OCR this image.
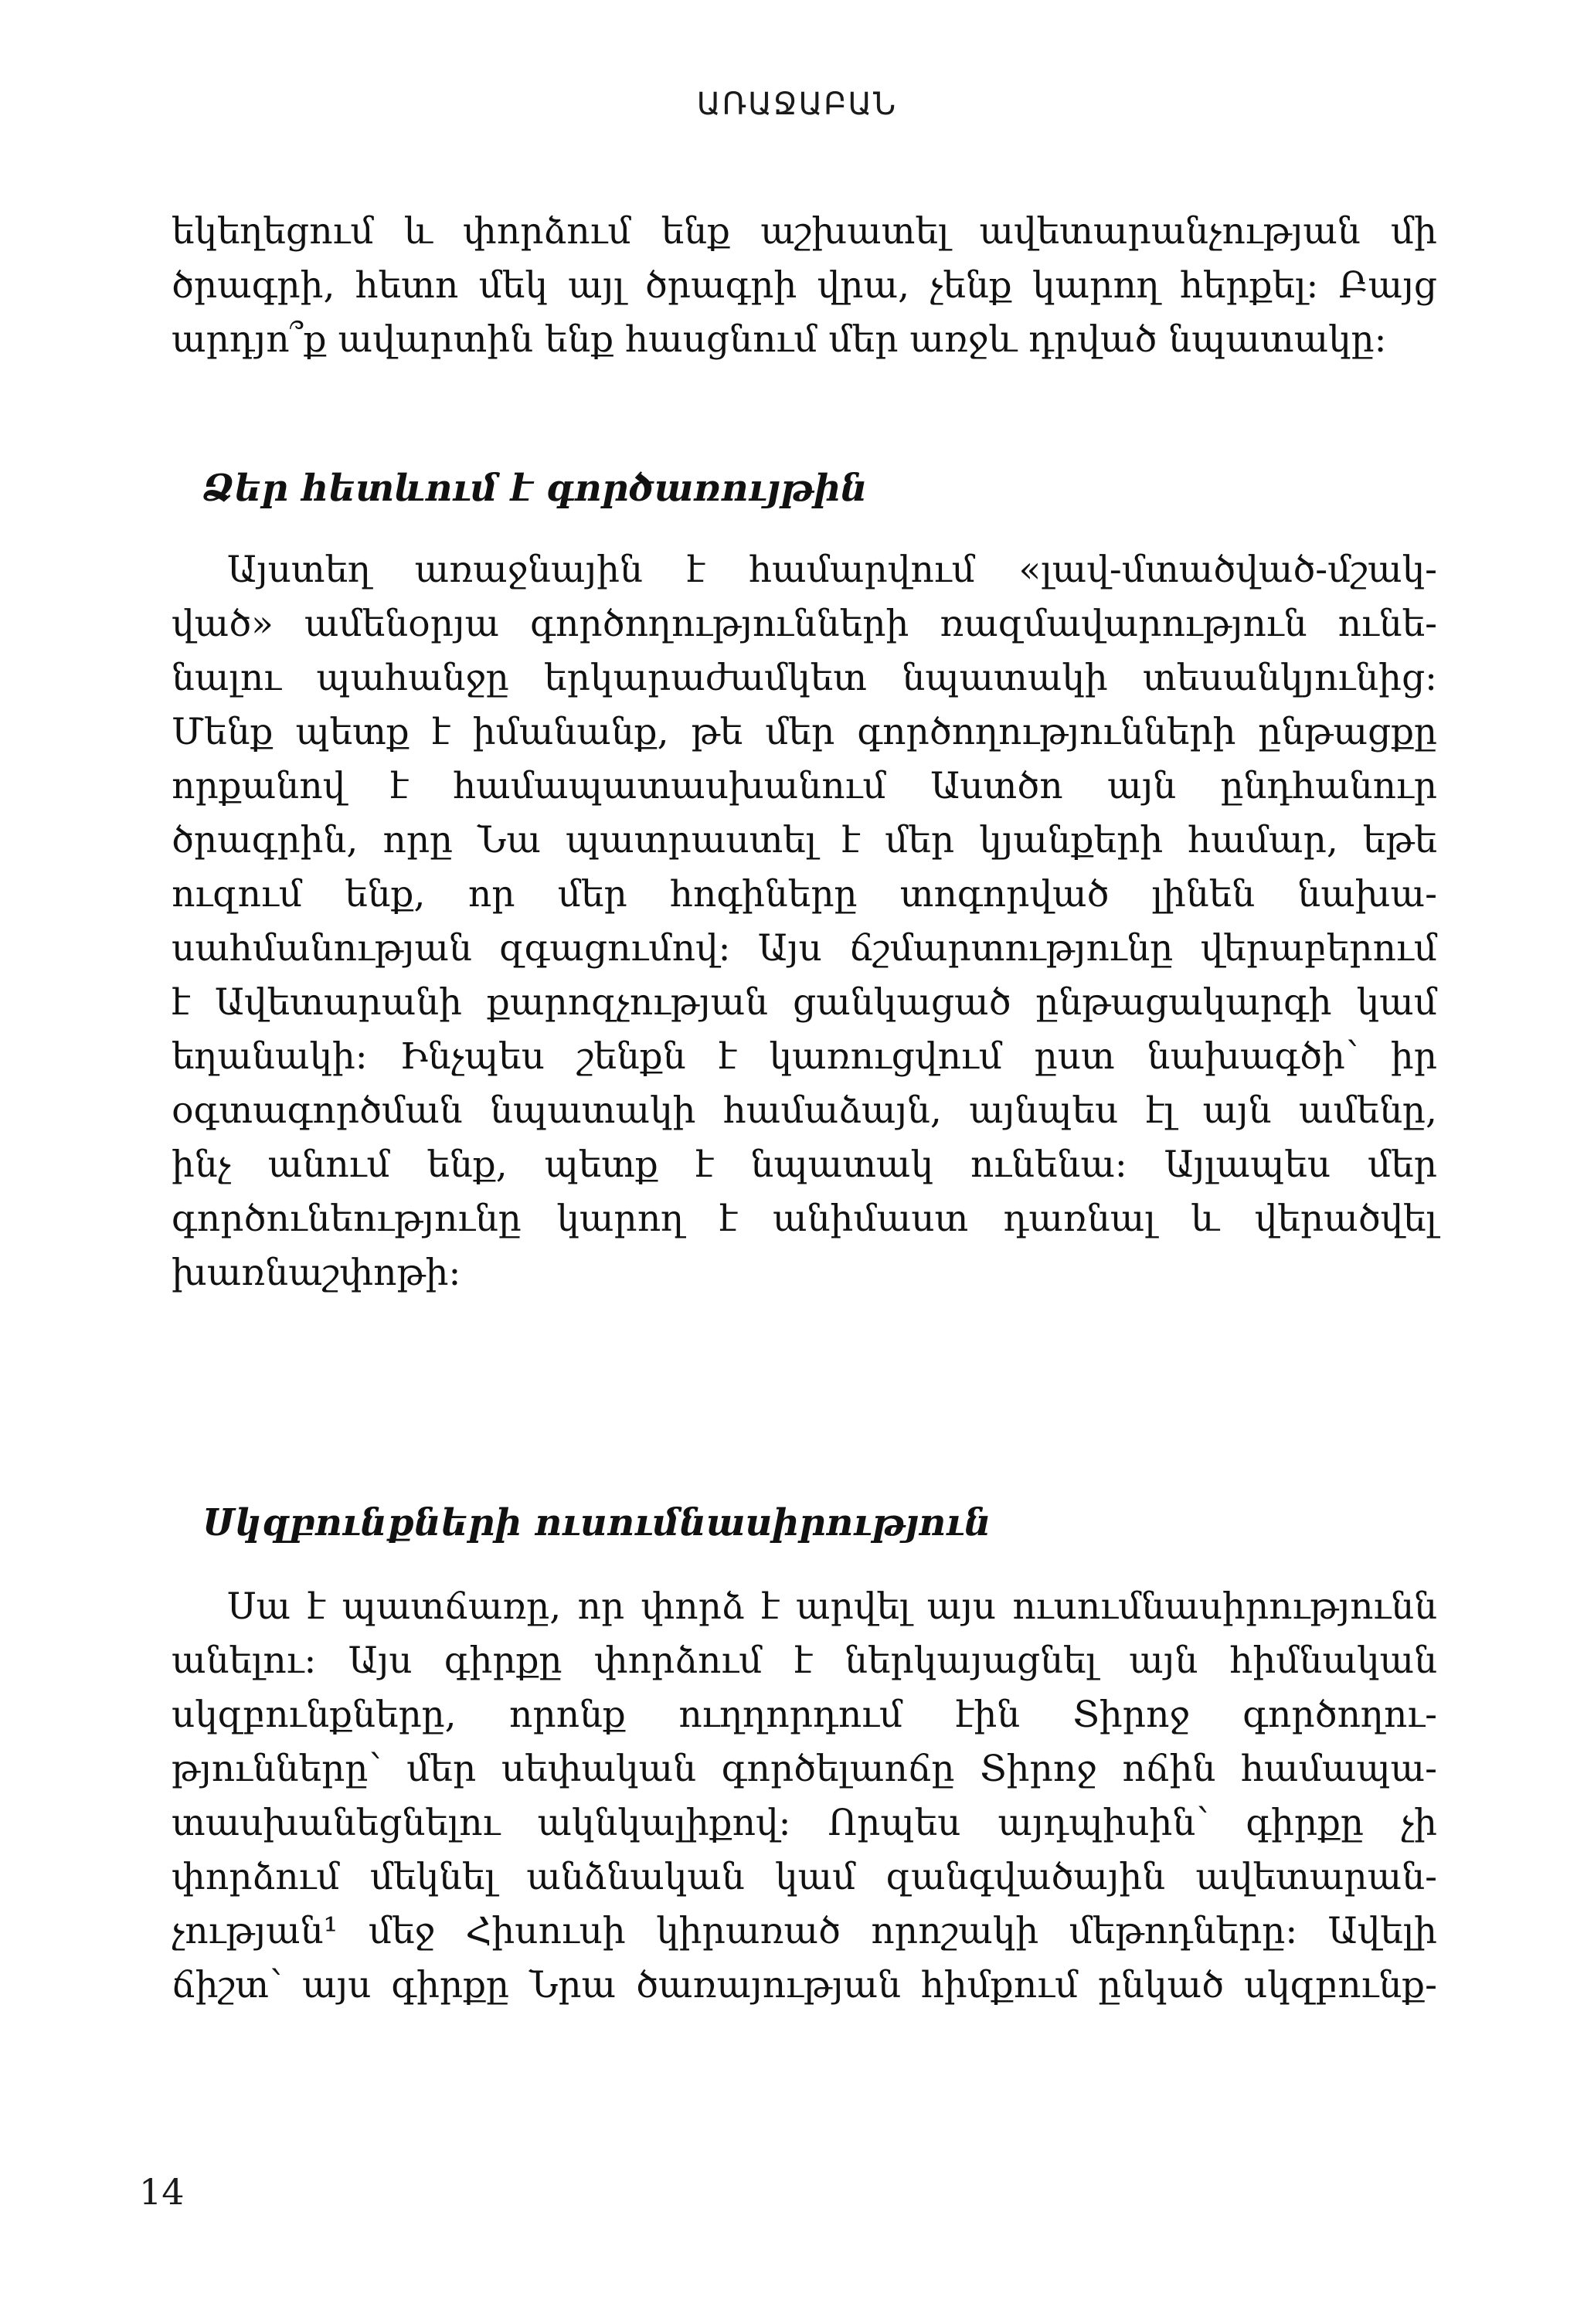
ԱՌԱՋԱԲԱՆ
եկեղեցում և փորձում ենք աշխատել ավետարանչության մի
ծրագրի, հետո մեկ այլ ծրագրի վրա, չենք կարող հերքել: Բայց
արդյո՞ք ավարտին ենք հասցնում մեր առջև դրված նպատակը:
Ձեր հետևում է գործառույթին
Այստեղ առաջնային է համարվում «լավ-մտածված-մշակ-
ված» ամենօրյա գործողությունների ռազմավարություն ունե-
նալու պահանջը երկարաժամկետ նպատակի տեսանկյունից:
Մենք պետք է իմանանք, թե մեր գործողությունների ընթացքը
որքանով է համապատասխանում Աստծո այն ընդհանուր
ծրագրին, որը Նա պատրաստել է մեր կյանքերի համար, եթե
ուզում ենք, որ մեր հոգիները տոգորված լինեն նախա-
սահմանության զգացումով: Այս ճշմարտությունը վերաբերում
է Ավետարանի քարոզչության ցանկացած ընթացակարգի կամ
եղանակի: Ինչպես շենքն է կառուցվում ըստ նախագծի՝ իր
օգտագործման նպատակի համաձայն, այնպես էլ այն ամենը,
ինչ անում ենք, պետք է նպատակ ունենա: Այլապես մեր
գործունեությունը կարող է անիմաստ դառնալ և վերածվել
խառնաշփոթի:
Սկզբունքների ուսումնասիրություն
Սա է պատճառը, որ փորձ է արվել այս ուսումնասիրությունն
անելու: Այս գիրքը փորձում է ներկայացնել այն հիմնական
սկզբունքները, որոնք ուղղորդում էին Տիրոջ գործողու-
թյունները՝ մեր սեփական գործելաոճը Տիրոջ ոճին համապա-
տասխանեցնելու ակնկալիքով: Որպես այդպիսին՝ գիրքը չի
փորձում մեկնել անձնական կամ զանգվածային ավետարան-
չության¹ մեջ Հիսուսի կիրառած որոշակի մեթոդները: Ավելի
ճիշտ՝ այս գիրքը Նրա ծառայության հիմքում ընկած սկզբունք-
14
